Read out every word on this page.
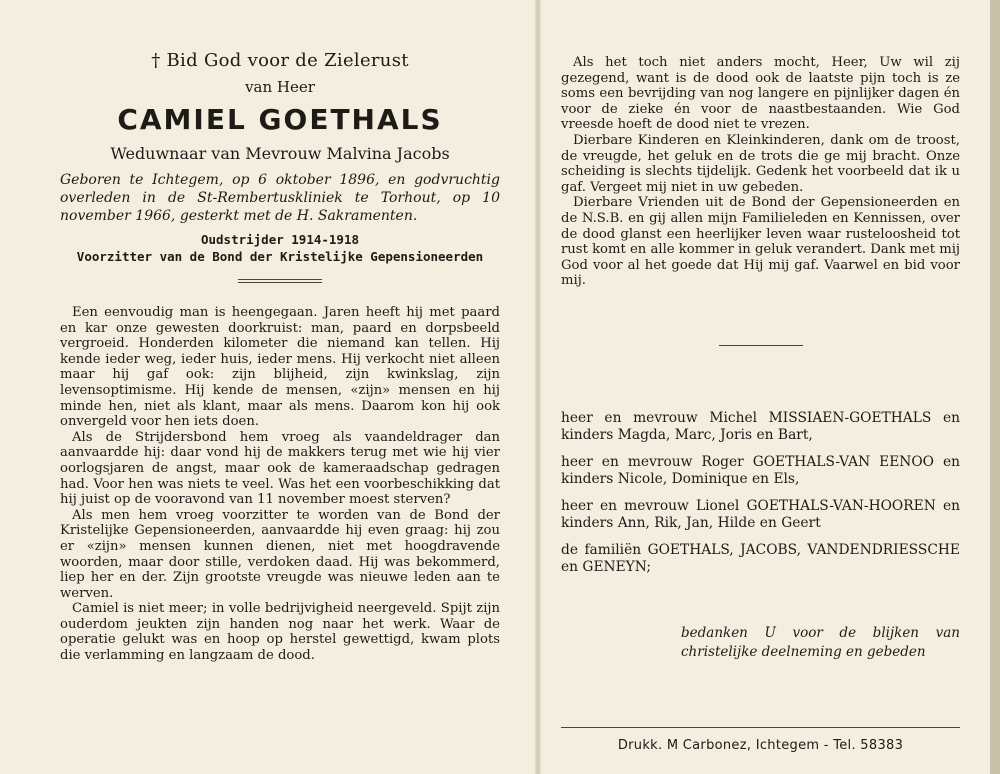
† Bid God voor de Zielerust

van Heer

CAMIEL GOETHALS

Weduwnaar van Mevrouw Malvina Jacobs

Geboren te Ichtegem, op 6 oktober 1896, en godvruchtig overleden in de St-Rembertuskliniek te Torhout, op 10 november 1966, gesterkt met de H. Sakramenten.

Oudstrijder 1914-1918

Voorzitter van de Bond der Kristelijke Gepensioneerden

Een eenvoudig man is heengegaan. Jaren heeft hij met paard en kar onze gewesten doorkruist: man, paard en dorpsbeeld vergroeid. Honderden kilometer die niemand kan tellen. Hij kende ieder weg, ieder huis, ieder mens. Hij verkocht niet alleen maar hij gaf ook: zijn blijheid, zijn kwinkslag, zijn levensoptimisme. Hij kende de mensen, «zijn» mensen en hij minde hen, niet als klant, maar als mens. Daarom kon hij ook onvergeld voor hen iets doen.

Als de Strijdersbond hem vroeg als vaandeldrager dan aanvaardde hij: daar vond hij de makkers terug met wie hij vier oorlogsjaren de angst, maar ook de kameraadschap gedragen had. Voor hen was niets te veel. Was het een voorbeschikking dat hij juist op de vooravond van 11 november moest sterven?

Als men hem vroeg voorzitter te worden van de Bond der Kristelijke Gepensioneerden, aanvaardde hij even graag: hij zou er «zijn» mensen kunnen dienen, niet met hoogdravende woorden, maar door stille, verdoken daad. Hij was bekommerd, liep her en der. Zijn grootste vreugde was nieuwe leden aan te werven.

Camiel is niet meer; in volle bedrijvigheid neergeveld. Spijt zijn ouderdom jeukten zijn handen nog naar het werk. Waar de operatie gelukt was en hoop op herstel gewettigd, kwam plots die verlamming en langzaam de dood.

Als het toch niet anders mocht, Heer, Uw wil zij gezegend, want is de dood ook de laatste pijn toch is ze soms een bevrijding van nog langere en pijnlijker dagen én voor de zieke én voor de naastbestaanden. Wie God vreesde hoeft de dood niet te vrezen.

Dierbare Kinderen en Kleinkinderen, dank om de troost, de vreugde, het geluk en de trots die ge mij bracht. Onze scheiding is slechts tijdelijk. Gedenk het voorbeeld dat ik u gaf. Vergeet mij niet in uw gebeden.

Dierbare Vrienden uit de Bond der Gepensioneerden en de N.S.B. en gij allen mijn Familieleden en Kennissen, over de dood glanst een heerlijker leven waar rusteloosheid tot rust komt en alle kommer in geluk verandert. Dank met mij God voor al het goede dat Hij mij gaf. Vaarwel en bid voor mij.

heer en mevrouw Michel MISSIAEN-GOETHALS en kinders Magda, Marc, Joris en Bart,

heer en mevrouw Roger GOETHALS-VAN EENOO en kinders Nicole, Dominique en Els,

heer en mevrouw Lionel GOETHALS-VAN-HOOREN en kinders Ann, Rik, Jan, Hilde en Geert

de familiën GOETHALS, JACOBS, VANDENDRIESSCHE en GENEYN;

bedanken U voor de blijken van christelijke deelneming en gebeden

Drukk. M Carbonez, Ichtegem - Tel. 58383
